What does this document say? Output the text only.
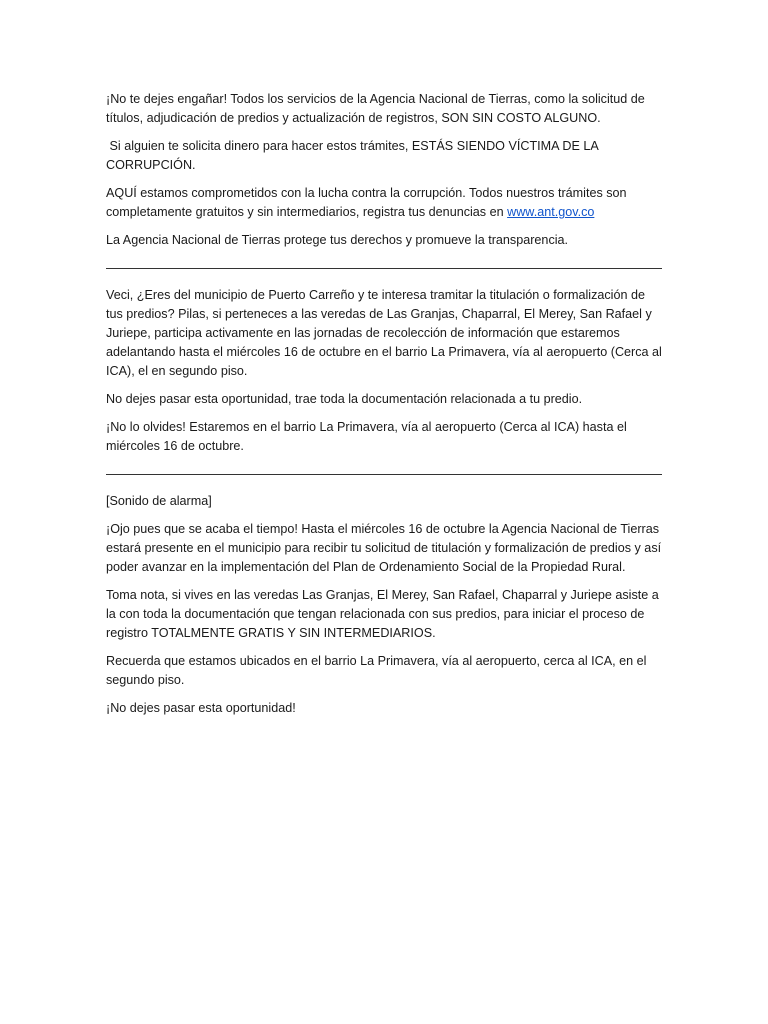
¡No te dejes engañar! Todos los servicios de la Agencia Nacional de Tierras, como la solicitud de títulos, adjudicación de predios y actualización de registros, SON SIN COSTO ALGUNO.

Si alguien te solicita dinero para hacer estos trámites, ESTÁS SIENDO VÍCTIMA DE LA CORRUPCIÓN.

AQUÍ estamos comprometidos con la lucha contra la corrupción. Todos nuestros trámites son completamente gratuitos y sin intermediarios, registra tus denuncias en www.ant.gov.co

La Agencia Nacional de Tierras protege tus derechos y promueve la transparencia.

Veci, ¿Eres del municipio de Puerto Carreño y te interesa tramitar la titulación o formalización de tus predios? Pilas, si perteneces a las veredas de Las Granjas, Chaparral, El Merey, San Rafael y Juriepe, participa activamente en las jornadas de recolección de información que estaremos adelantando hasta el miércoles 16 de octubre en el barrio La Primavera, vía al aeropuerto (Cerca al ICA), el en segundo piso.

No dejes pasar esta oportunidad, trae toda la documentación relacionada a tu predio.

¡No lo olvides! Estaremos en el barrio La Primavera, vía al aeropuerto (Cerca al ICA) hasta el miércoles 16 de octubre.

[Sonido de alarma]

¡Ojo pues que se acaba el tiempo! Hasta el miércoles 16 de octubre la Agencia Nacional de Tierras estará presente en el municipio para recibir tu solicitud de titulación y formalización de predios y así poder avanzar en la implementación del Plan de Ordenamiento Social de la Propiedad Rural.

Toma nota, si vives en las veredas Las Granjas, El Merey, San Rafael, Chaparral y Juriepe asiste a la con toda la documentación que tengan relacionada con sus predios, para iniciar el proceso de registro TOTALMENTE GRATIS Y SIN INTERMEDIARIOS.

Recuerda que estamos ubicados en el barrio La Primavera, vía al aeropuerto, cerca al ICA, en el segundo piso.

¡No dejes pasar esta oportunidad!
